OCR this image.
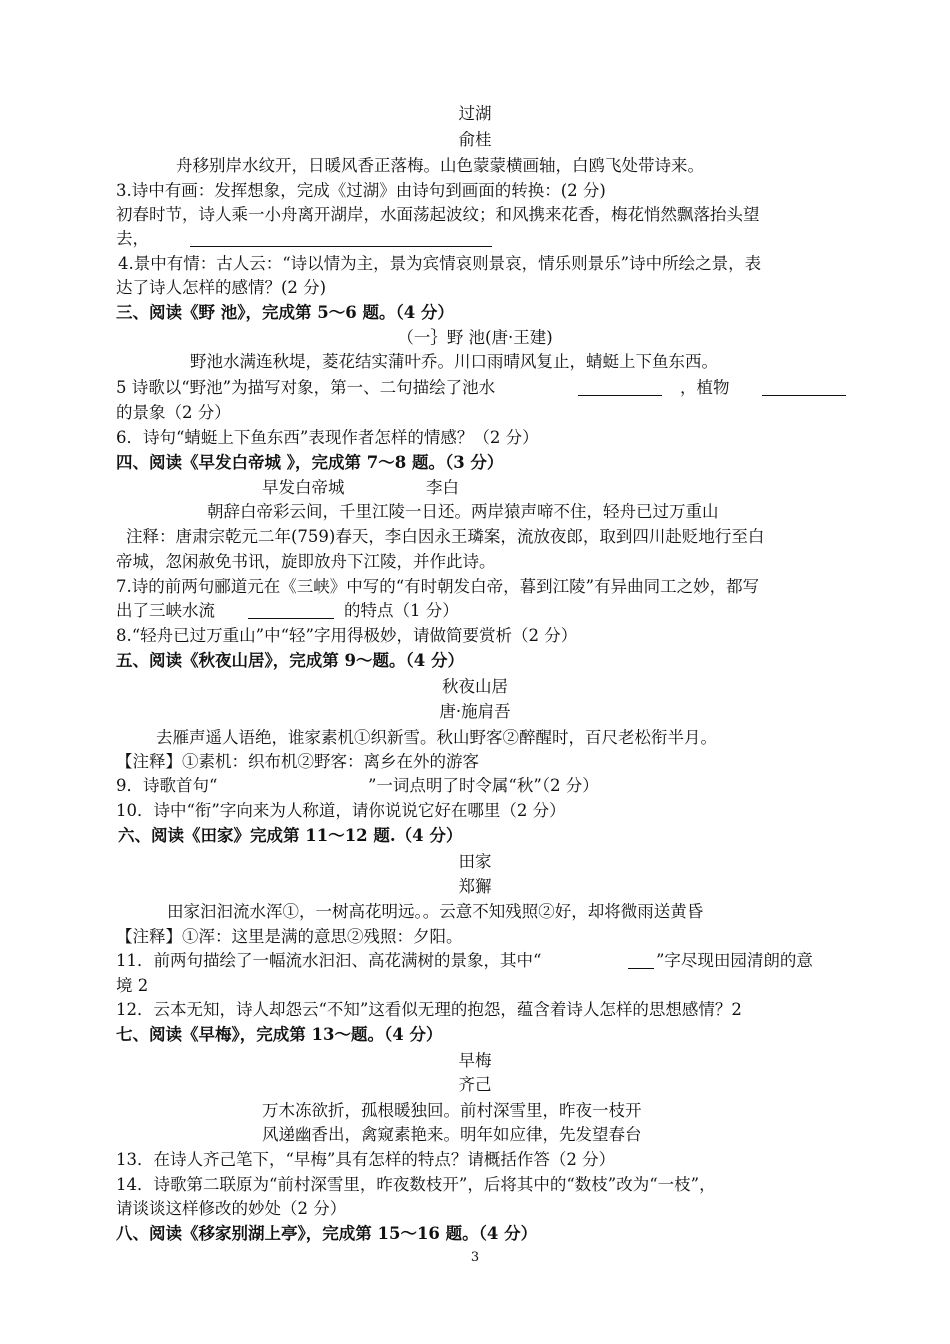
过湖
俞桂
舟移别岸水纹开，日暖风香正落梅。山色蒙蒙横画轴，白鸥飞处带诗来。
3.诗中有画：发挥想象，完成《过湖》由诗句到画面的转换：(2 分)
初春时节，诗人乘一小舟离开湖岸，水面荡起波纹；和风携来花香，梅花悄然飘落抬头望
去，
4.景中有情：古人云：“诗以情为主，景为宾情哀则景哀，情乐则景乐”诗中所绘之景，表
达了诗人怎样的感情？(2 分)
三、阅读《野 池》，完成第 5～6 题。（4 分）
（一｝野 池(唐·王建)
野池水满连秋堤，菱花结实蒲叶乔。川口雨晴风复止，蜻蜓上下鱼东西。
5 诗歌以“野池”为描写对象，第一、二句描绘了池水	，植物
的景象（2 分）
6．诗句“蜻蜓上下鱼东西”表现作者怎样的情感？（2 分）
四、阅读《早发白帝城 》，完成第 7～8 题。（3 分）
早发白帝城	李白
朝辞白帝彩云间，千里江陵一日还。两岸猿声啼不住，轻舟已过万重山
注释：唐肃宗乾元二年(759)春天，李白因永王璘案，流放夜郎，取到四川赴贬地行至白
帝城，忽闲赦免书讯，旋即放舟下江陵，并作此诗。
7.诗的前两句郦道元在《三峡》中写的“有时朝发白帝，暮到江陵”有异曲同工之妙，都写
出了三峡水流	的特点（1 分）
8.“轻舟已过万重山”中“轻”字用得极妙，请做简要赏析（2 分）
五、阅读《秋夜山居》，完成第 9～题。（4 分）
秋夜山居
唐·施肩吾
去雁声遥人语绝，谁家素机①织新雪。秋山野客②醉醒时，百尺老松衔半月。
【注释】①素机：织布机②野客：离乡在外的游客
9．诗歌首句“	”一词点明了时令属“秋”（2 分）
10．诗中“衔”字向来为人称道，请你说说它好在哪里（2 分）
六、阅读《田家》完成第 11～12 题.（4 分）
田家
郑獬
田家汩汩流水浑①，一树高花明远。。云意不知残照②好，却将微雨送黄昏
【注释】①浑：这里是满的意思②残照：夕阳。
11．前两句描绘了一幅流水汩汩、高花满树的景象，其中“	”字尽现田园清朗的意
境 2
12．云本无知，诗人却怨云“不知”这看似无理的抱怨，蕴含着诗人怎样的思想感情？2
七、阅读《早梅》，完成第 13～题。（4 分）
早梅
齐己
万木冻欲折，孤根暖独回。前村深雪里，昨夜一枝开
风递幽香出，禽窥素艳来。明年如应律，先发望春台
13．在诗人齐己笔下，“早梅”具有怎样的特点？请概括作答（2 分）
14．诗歌第二联原为“前村深雪里，昨夜数枝开”，后将其中的“数枝”改为“一枝”，
请谈谈这样修改的妙处（2 分）
八、阅读《移家别湖上亭》，完成第 15～16 题。（4 分）
3
